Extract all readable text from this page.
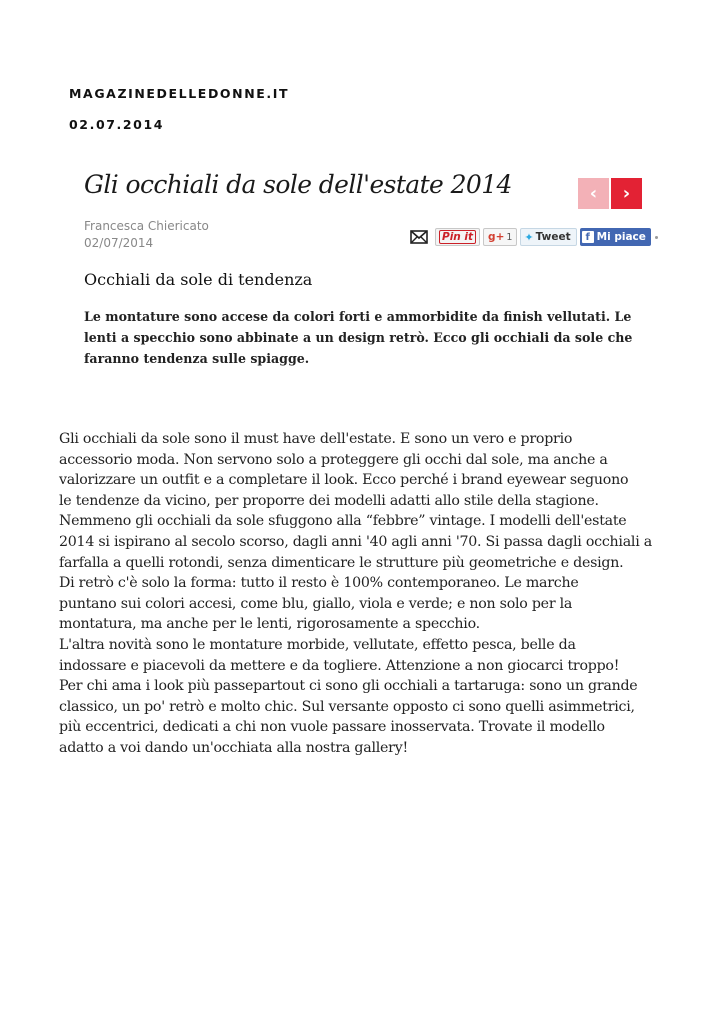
MAGAZINEDELLEDONNE.IT

02.07.2014

Gli occhiali da sole dell'estate 2014	‹ ›
Francesca Chiericato
02/07/2014	Pin it g+ 1 ✦ Tweet	f Mi piace
Occhiali da sole di tendenza

Le montature sono accese da colori forti e ammorbidite da finish vellutati. Le
lenti a specchio sono abbinate a un design retrò. Ecco gli occhiali da sole che
faranno tendenza sulle spiagge.

Gli occhiali da sole sono il must have dell'estate. E sono un vero e proprio
accessorio moda. Non servono solo a proteggere gli occhi dal sole, ma anche a
valorizzare un outfit e a completare il look. Ecco perché i brand eyewear seguono
le tendenze da vicino, per proporre dei modelli adatti allo stile della stagione.
Nemmeno gli occhiali da sole sfuggono alla “febbre” vintage. I modelli dell'estate
2014 si ispirano al secolo scorso, dagli anni '40 agli anni '70. Si passa dagli occhiali a
farfalla a quelli rotondi, senza dimenticare le strutture più geometriche e design.
Di retrò c'è solo la forma: tutto il resto è 100% contemporaneo. Le marche
puntano sui colori accesi, come blu, giallo, viola e verde; e non solo per la
montatura, ma anche per le lenti, rigorosamente a specchio.
L'altra novità sono le montature morbide, vellutate, effetto pesca, belle da
indossare e piacevoli da mettere e da togliere. Attenzione a non giocarci troppo!
Per chi ama i look più passepartout ci sono gli occhiali a tartaruga: sono un grande
classico, un po' retrò e molto chic. Sul versante opposto ci sono quelli asimmetrici,
più eccentrici, dedicati a chi non vuole passare inosservata. Trovate il modello
adatto a voi dando un'occhiata alla nostra gallery!
